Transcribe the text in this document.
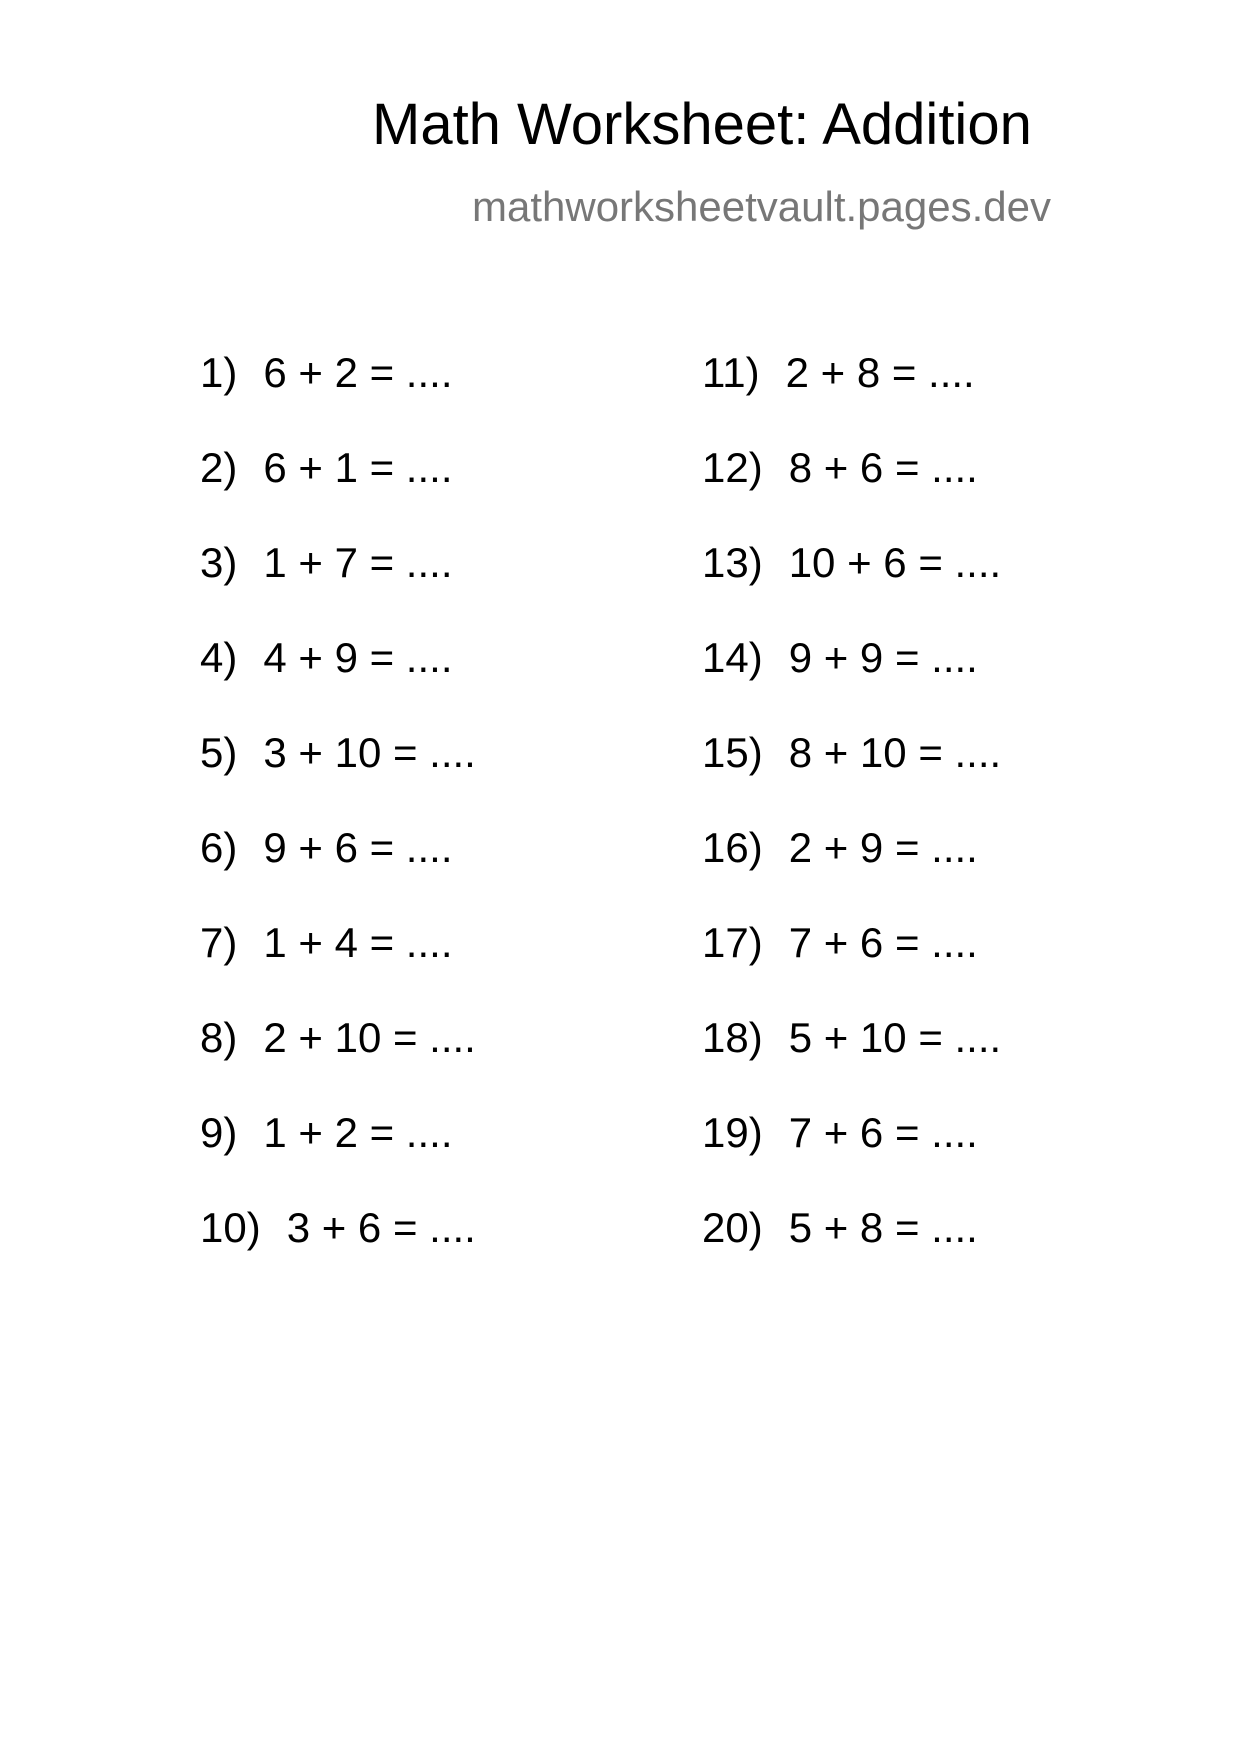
Math Worksheet: Addition
mathworksheetvault.pages.dev
1) 6 + 2 = ....
2) 6 + 1 = ....
3) 1 + 7 = ....
4) 4 + 9 = ....
5) 3 + 10 = ....
6) 9 + 6 = ....
7) 1 + 4 = ....
8) 2 + 10 = ....
9) 1 + 2 = ....
10) 3 + 6 = ....
11) 2 + 8 = ....
12) 8 + 6 = ....
13) 10 + 6 = ....
14) 9 + 9 = ....
15) 8 + 10 = ....
16) 2 + 9 = ....
17) 7 + 6 = ....
18) 5 + 10 = ....
19) 7 + 6 = ....
20) 5 + 8 = ....
